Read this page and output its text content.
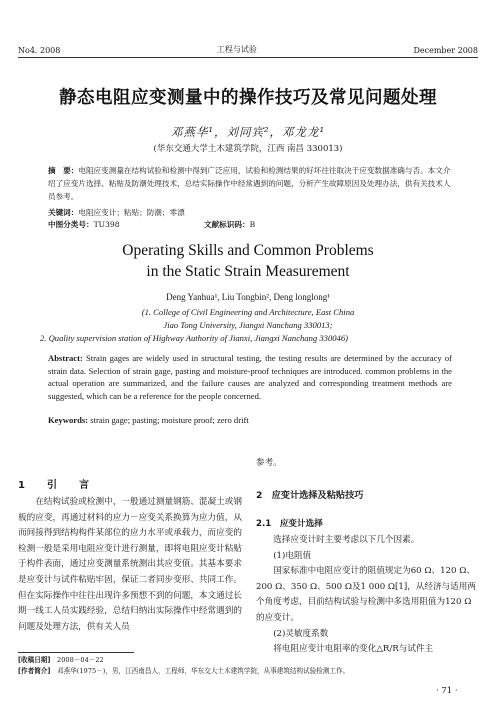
No4. 2008	工程与试验	December 2008
静态电阻应变测量中的操作技巧及常见问题处理
邓燕华¹，刘同宾²，邓龙龙¹
(华东交通大学土木建筑学院，江西 南昌 330013)
摘　要：电阻应变测量在结构试验和检测中得到广泛应用，试验和检测结果的好坏往往取决于应变数据准确与否。本文介绍了应变片选择、粘贴及防潮处理技术，总结实际操作中经常遇到的问题，分析产生故障原因及处理办法，供有关技术人员参考。
关键词：电阻应变计；粘贴；防潮；零漂
中图分类号：TU398	文献标识码：B
Operating Skills and Common Problems
in the Static Strain Measurement
Deng Yanhua¹, Liu Tongbin², Deng longlong¹
(1. College of Civil Engineering and Architecture, East China
Jiao Tong University, Jiangxi Nanchang 330013;
2. Quality supervision station of Highway Authority of Jianxi, Jiangxi Nanchang 330046)
Abstract: Strain gages are widely used in structural testing, the testing results are determined by the accuracy of strain data. Selection of strain gage, pasting and moisture-proof techniques are introduced. common problems in the actual operation are summarized, and the failure causes are analyzed and corresponding treatment methods are suggested, which can be a reference for the people concerned.
Keywords: strain gage; pasting; moisture proof; zero drift
1　引　言

在结构试验或检测中，一般通过测量钢筋、混凝土或钢板的应变，再通过材料的应力－应变关系换算为应力值，从而间接得到结构构件某部位的应力水平或承载力，而应变的检测一般是采用电阻应变计进行测量，即将电阻应变计粘贴于构件表面，通过应变测量系统测出其应变值。其基本要求是应变计与试件粘贴牢固，保证二者同步变形、共同工作。但在实际操作中往往出现许多预想不到的问题，本文通过长期一线工人员实践经验，总结归纳出实际操作中经常遇到的问题及处理方法，供有关人员

参考。
2　应变计选择及粘贴技巧
2.1　应变计选择

选择应变计时主要考虑以下几个因素。

(1)电阻值

国家标准中电阻应变计的阻值规定为60 Ω、120 Ω、200 Ω、350 Ω、500 Ω及1 000 Ω[1]，从经济与适用两个角度考虑，目前结构试验与检测中多选用阻值为120 Ω的应变计。

(2)灵敏度系数

将电阻应变计电阻率的变化△R/R与试件主

[收稿日期]　 2008－04－22
[作者简介]　 邓燕华(1975－)，男，江西南昌人，工程师，华东交大土木建筑学院，从事建筑结构试验检测工作。
· 71 ·
